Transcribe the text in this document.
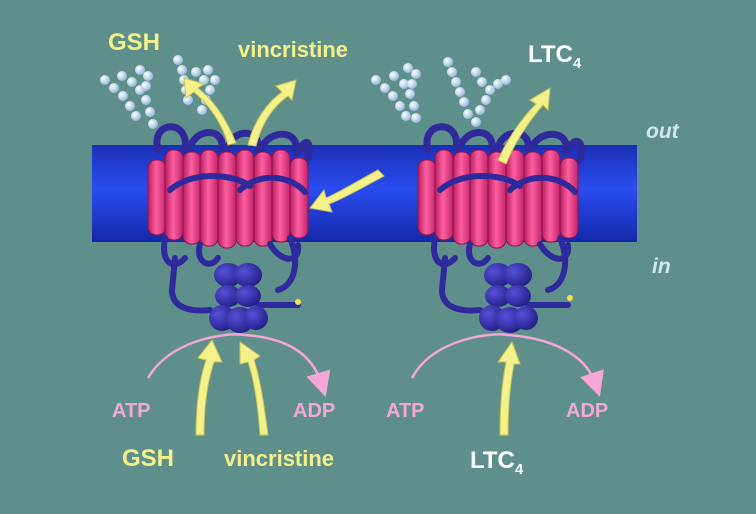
out
in
GSH	vincristine	$LTC_4$
ATP	ADP	ATP	ADP
GSH vincristine	$LTC_4$
